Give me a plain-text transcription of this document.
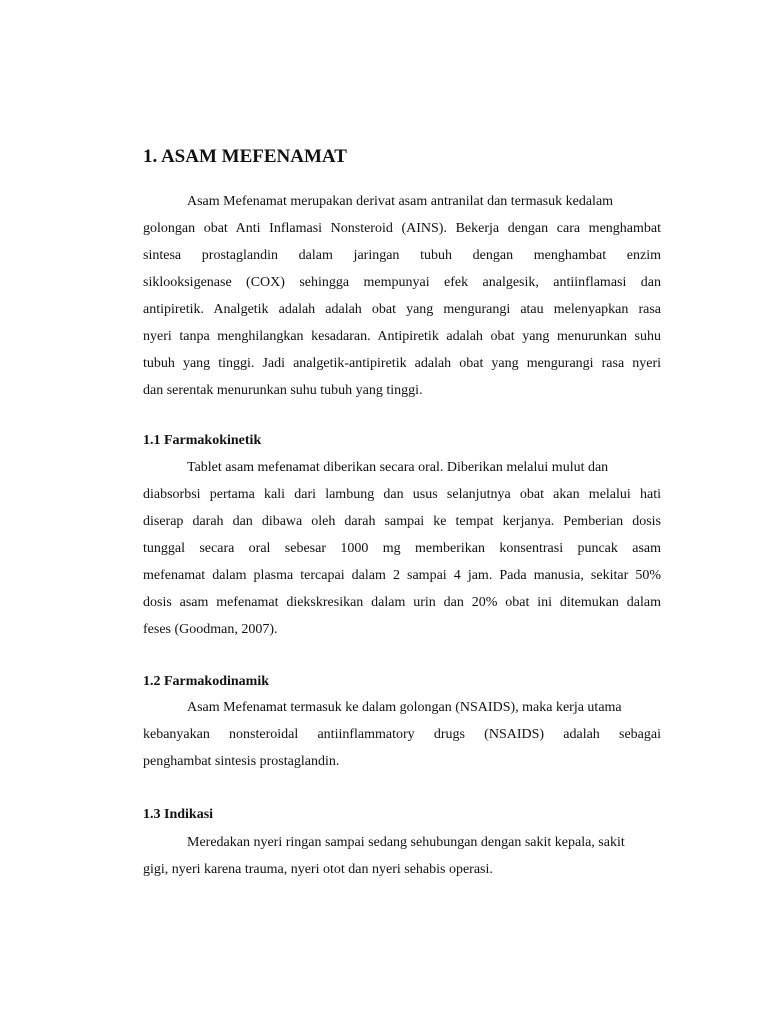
1. ASAM MEFENAMAT
Asam Mefenamat merupakan derivat asam antranilat dan termasuk kedalam
golongan obat Anti Inflamasi Nonsteroid (AINS). Bekerja dengan cara menghambat
sintesa prostaglandin dalam jaringan tubuh dengan menghambat enzim
siklooksigenase (COX) sehingga mempunyai efek analgesik, antiinflamasi dan
antipiretik. Analgetik adalah adalah obat yang mengurangi atau melenyapkan rasa
nyeri tanpa menghilangkan kesadaran. Antipiretik adalah obat yang menurunkan suhu
tubuh yang tinggi. Jadi analgetik-antipiretik adalah obat yang mengurangi rasa nyeri
dan serentak menurunkan suhu tubuh yang tinggi.
1.1 Farmakokinetik
Tablet asam mefenamat diberikan secara oral. Diberikan melalui mulut dan
diabsorbsi pertama kali dari lambung dan usus selanjutnya obat akan melalui hati
diserap darah dan dibawa oleh darah sampai ke tempat kerjanya. Pemberian dosis
tunggal secara oral sebesar 1000 mg memberikan konsentrasi puncak asam
mefenamat dalam plasma tercapai dalam 2 sampai 4 jam. Pada manusia, sekitar 50%
dosis asam mefenamat diekskresikan dalam urin dan 20% obat ini ditemukan dalam
feses (Goodman, 2007).
1.2 Farmakodinamik
Asam Mefenamat termasuk ke dalam golongan (NSAIDS), maka kerja utama
kebanyakan nonsteroidal antiinflammatory drugs (NSAIDS) adalah sebagai
penghambat sintesis prostaglandin.
1.3 Indikasi
Meredakan nyeri ringan sampai sedang sehubungan dengan sakit kepala, sakit
gigi, nyeri karena trauma, nyeri otot dan nyeri sehabis operasi.
